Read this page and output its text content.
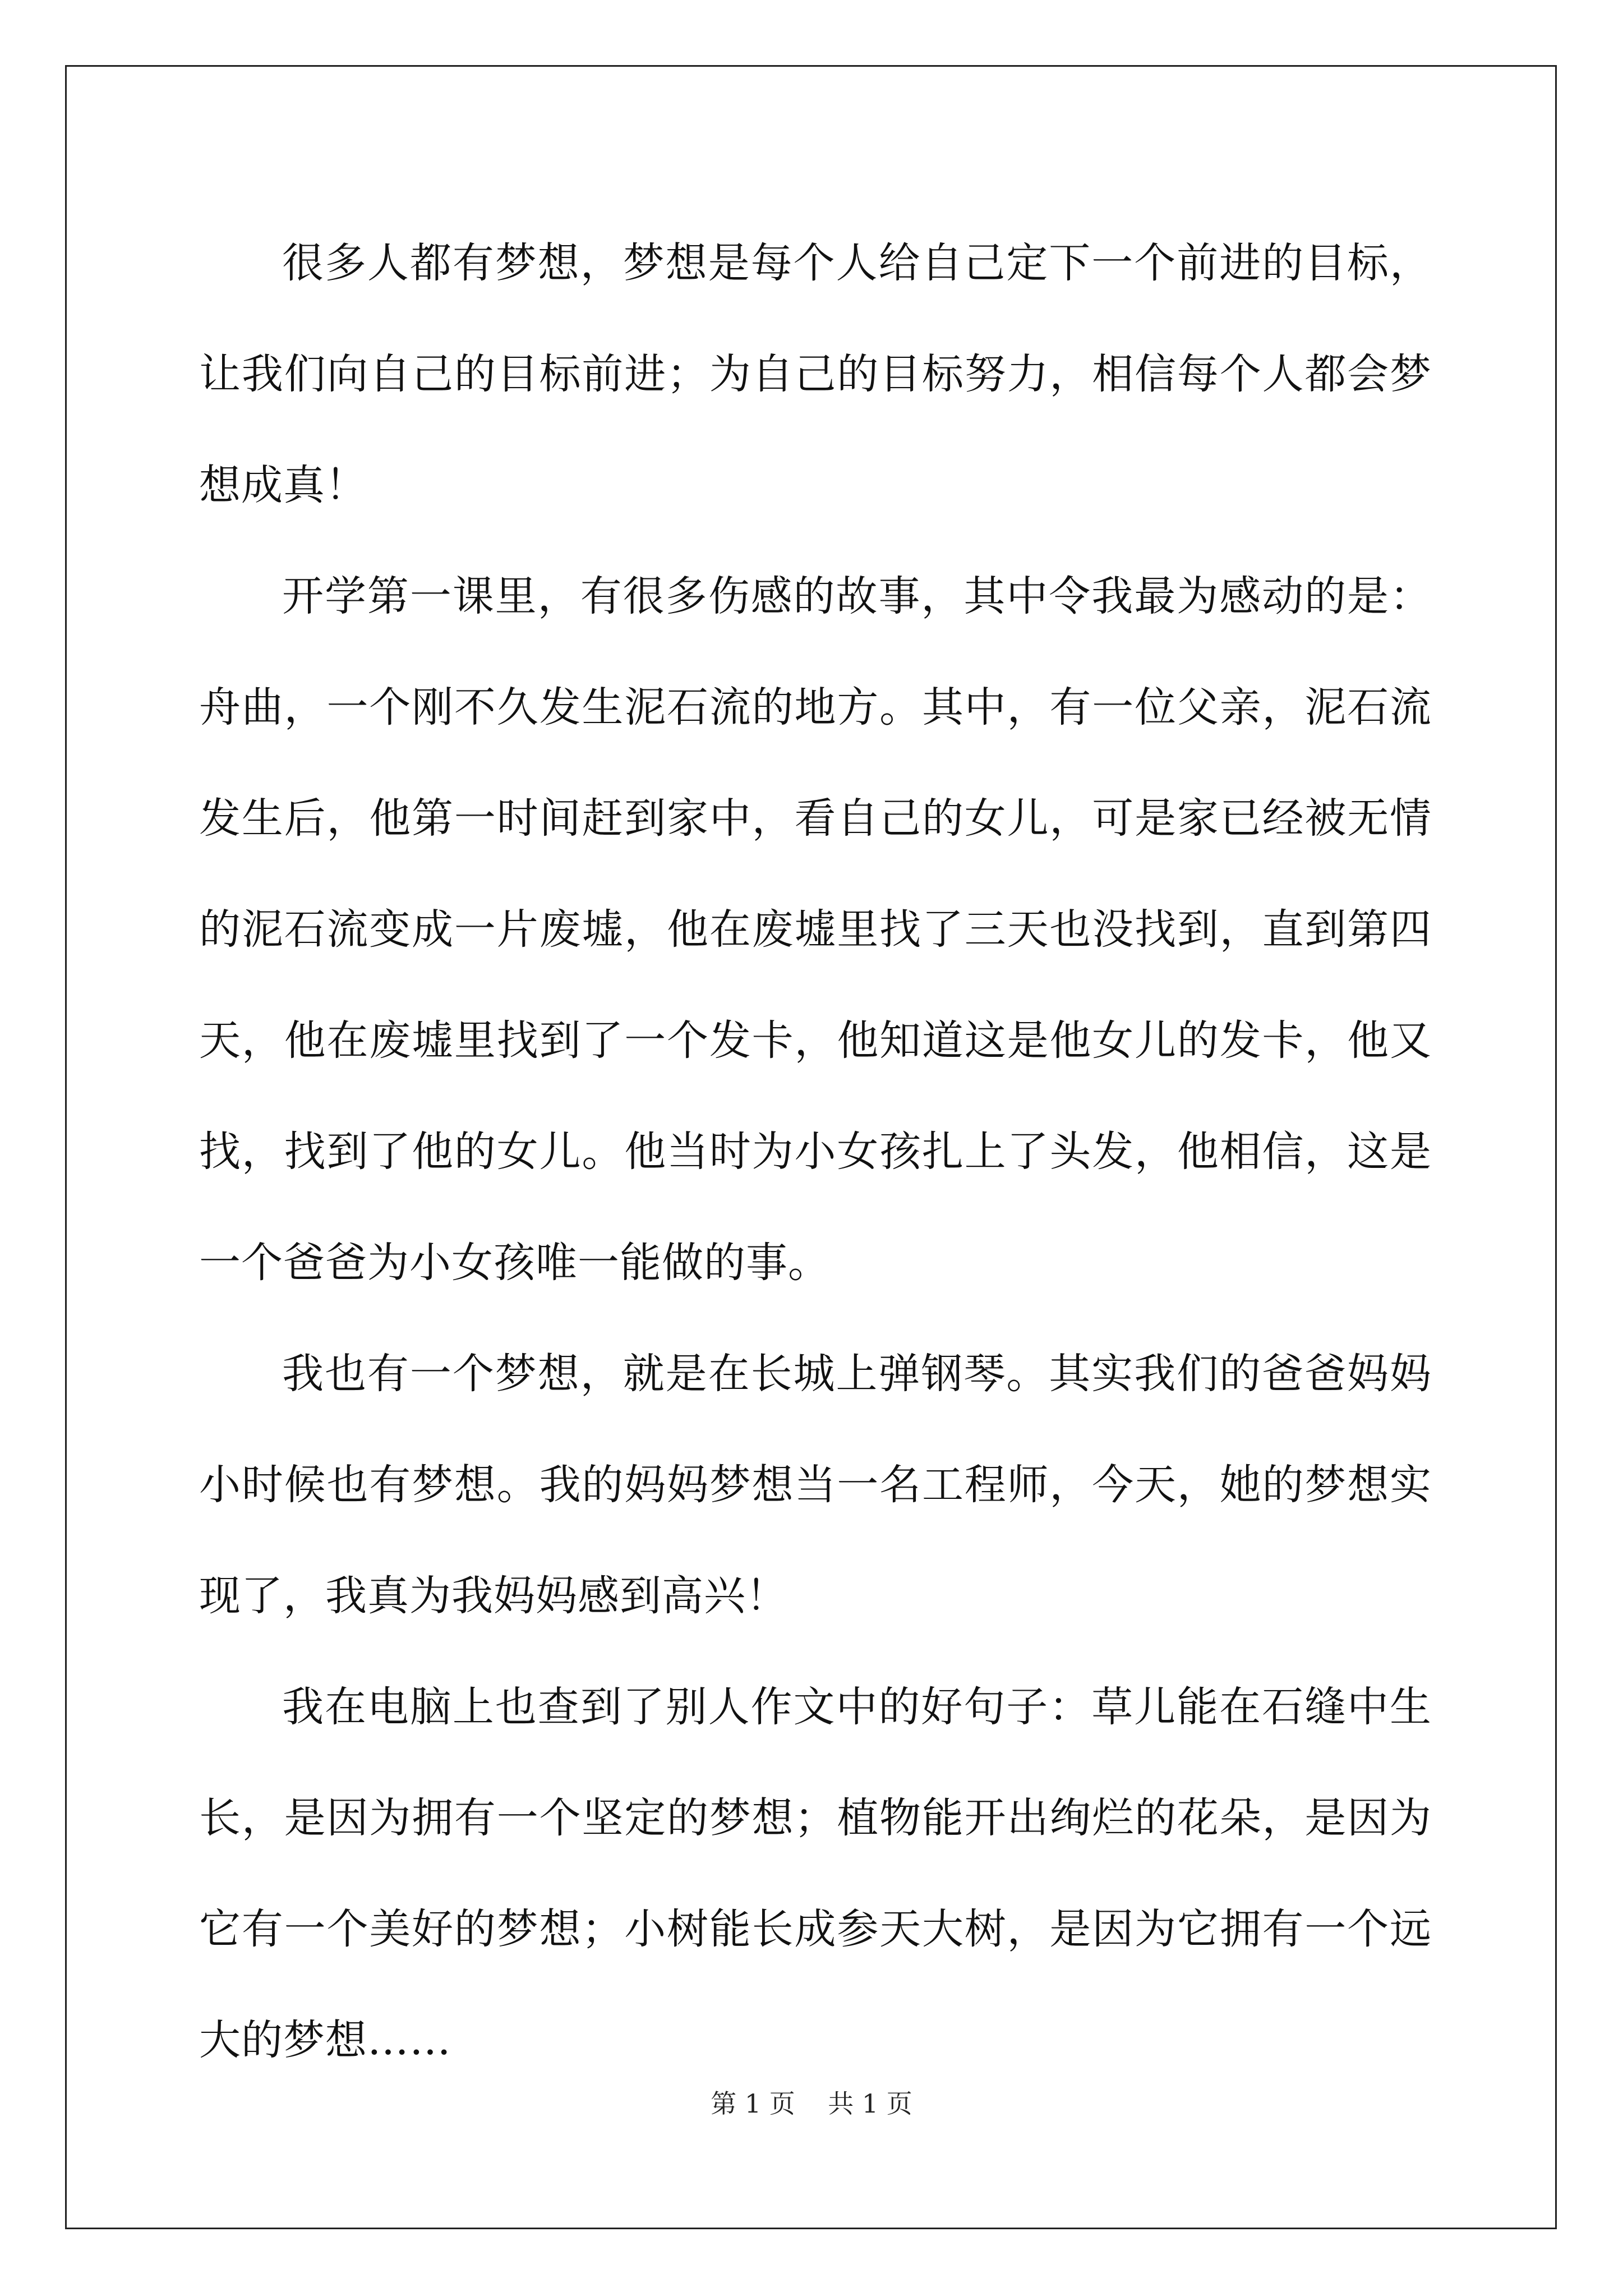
很多人都有梦想，梦想是每个人给自己定下一个前进的目标，让我们向自己的目标前进；为自己的目标努力，相信每个人都会梦想成真！

开学第一课里，有很多伤感的故事，其中令我最为感动的是：舟曲，一个刚不久发生泥石流的地方。其中，有一位父亲，泥石流发生后，他第一时间赶到家中，看自己的女儿，可是家已经被无情的泥石流变成一片废墟，他在废墟里找了三天也没找到，直到第四天，他在废墟里找到了一个发卡，他知道这是他女儿的发卡，他又找，找到了他的女儿。他当时为小女孩扎上了头发，他相信，这是一个爸爸为小女孩唯一能做的事。

我也有一个梦想，就是在长城上弹钢琴。其实我们的爸爸妈妈小时候也有梦想。我的妈妈梦想当一名工程师，今天，她的梦想实现了，我真为我妈妈感到高兴！

我在电脑上也查到了别人作文中的好句子：草儿能在石缝中生长，是因为拥有一个坚定的梦想；植物能开出绚烂的花朵，是因为它有一个美好的梦想；小树能长成参天大树，是因为它拥有一个远大的梦想……

第 1 页 共 1 页
